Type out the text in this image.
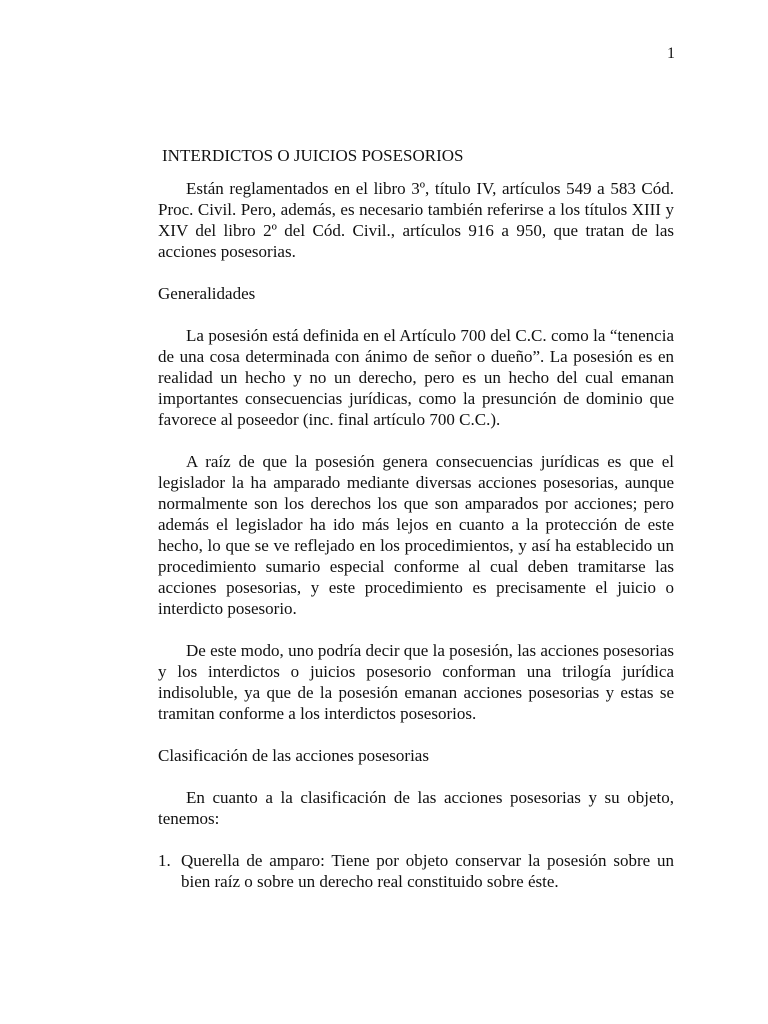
1
INTERDICTOS O JUICIOS POSESORIOS

Están reglamentados en el libro 3º, título IV, artículos 549 a 583 Cód. Proc. Civil. Pero, además, es necesario también referirse a los títulos XIII y XIV del libro 2º del Cód. Civil., artículos 916 a 950, que tratan de las acciones posesorias.

Generalidades

La posesión está definida en el Artículo 700 del C.C. como la “tenencia de una cosa determinada con ánimo de señor o dueño”. La posesión es en realidad un hecho y no un derecho, pero es un hecho del cual emanan importantes consecuencias jurídicas, como la presunción de dominio que favorece al poseedor (inc. final artículo 700 C.C.).

A raíz de que la posesión genera consecuencias jurídicas es que el legislador la ha amparado mediante diversas acciones posesorias, aunque normalmente son los derechos los que son amparados por acciones; pero además el legislador ha ido más lejos en cuanto a la protección de este hecho, lo que se ve reflejado en los procedimientos, y así ha establecido un procedimiento sumario especial conforme al cual deben tramitarse las acciones posesorias, y este procedimiento es precisamente el juicio o interdicto posesorio.

De este modo, uno podría decir que la posesión, las acciones posesorias y los interdictos o juicios posesorio conforman una trilogía jurídica indisoluble, ya que de la posesión emanan acciones posesorias y estas se tramitan conforme a los interdictos posesorios.

Clasificación de las acciones posesorias

En cuanto a la clasificación de las acciones posesorias y su objeto, tenemos:

1. Querella de amparo: Tiene por objeto conservar la posesión sobre un bien raíz o sobre un derecho real constituido sobre éste.
